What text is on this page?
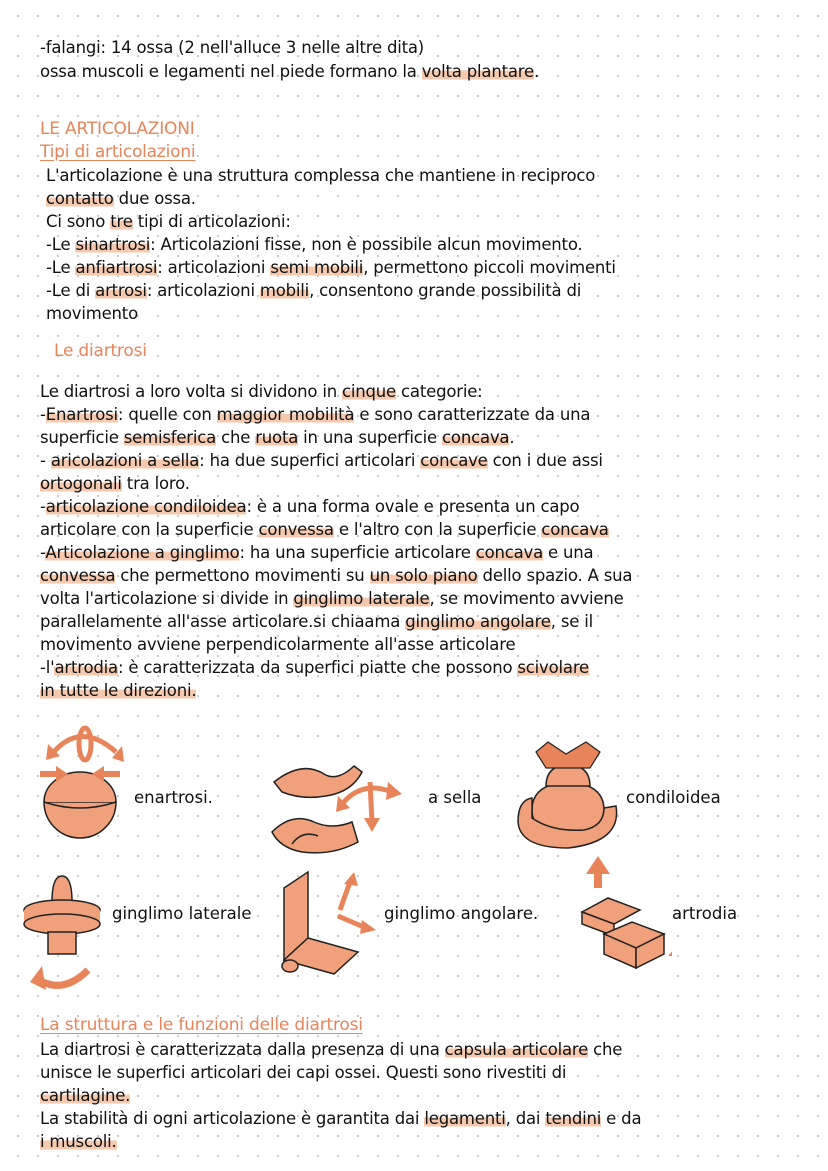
-falangi: 14 ossa (2 nell'alluce 3 nelle altre dita)
ossa muscoli e legamenti nel piede formano la volta plantare.
LE ARTICOLAZIONI
Tipi di articolazioni
L'articolazione è una struttura complessa che mantiene in reciproco
contatto due ossa.
Ci sono tre tipi di articolazioni:
-Le sinartrosi: Articolazioni fisse, non è possibile alcun movimento.
-Le anfiartrosi: articolazioni semi mobili, permettono piccoli movimenti
-Le di artrosi: articolazioni mobili, consentono grande possibilità di
movimento
Le diartrosi
Le diartrosi a loro volta si dividono in cinque categorie:
-Enartrosi: quelle con maggior mobilità e sono caratterizzate da una
superficie semisferica che ruota in una superficie concava.
- aricolazioni a sella: ha due superfici articolari concave con i due assi
ortogonali tra loro.
-articolazione condiloidea: è a una forma ovale e presenta un capo
articolare con la superficie convessa e l'altro con la superficie concava
-Articolazione a ginglimo: ha una superficie articolare concava e una
convessa che permettono movimenti su un solo piano dello spazio. A sua
volta l'articolazione si divide in ginglimo laterale, se movimento avviene
parallelamente all'asse articolare.si chiaama ginglimo angolare, se il
movimento avviene perpendicolarmente all'asse articolare
-l'artrodia: è caratterizzata da superfici piatte che possono scivolare
in tutte le direzioni.
enartrosi.	a sella	condiloidea
ginglimo laterale	ginglimo angolare.	artrodia
La struttura e le funzioni delle diartrosi
La diartrosi è caratterizzata dalla presenza di una capsula articolare che
unisce le superfici articolari dei capi ossei. Questi sono rivestiti di
cartilagine.
La stabilità di ogni articolazione è garantita dai legamenti, dai tendini e da
i muscoli.
